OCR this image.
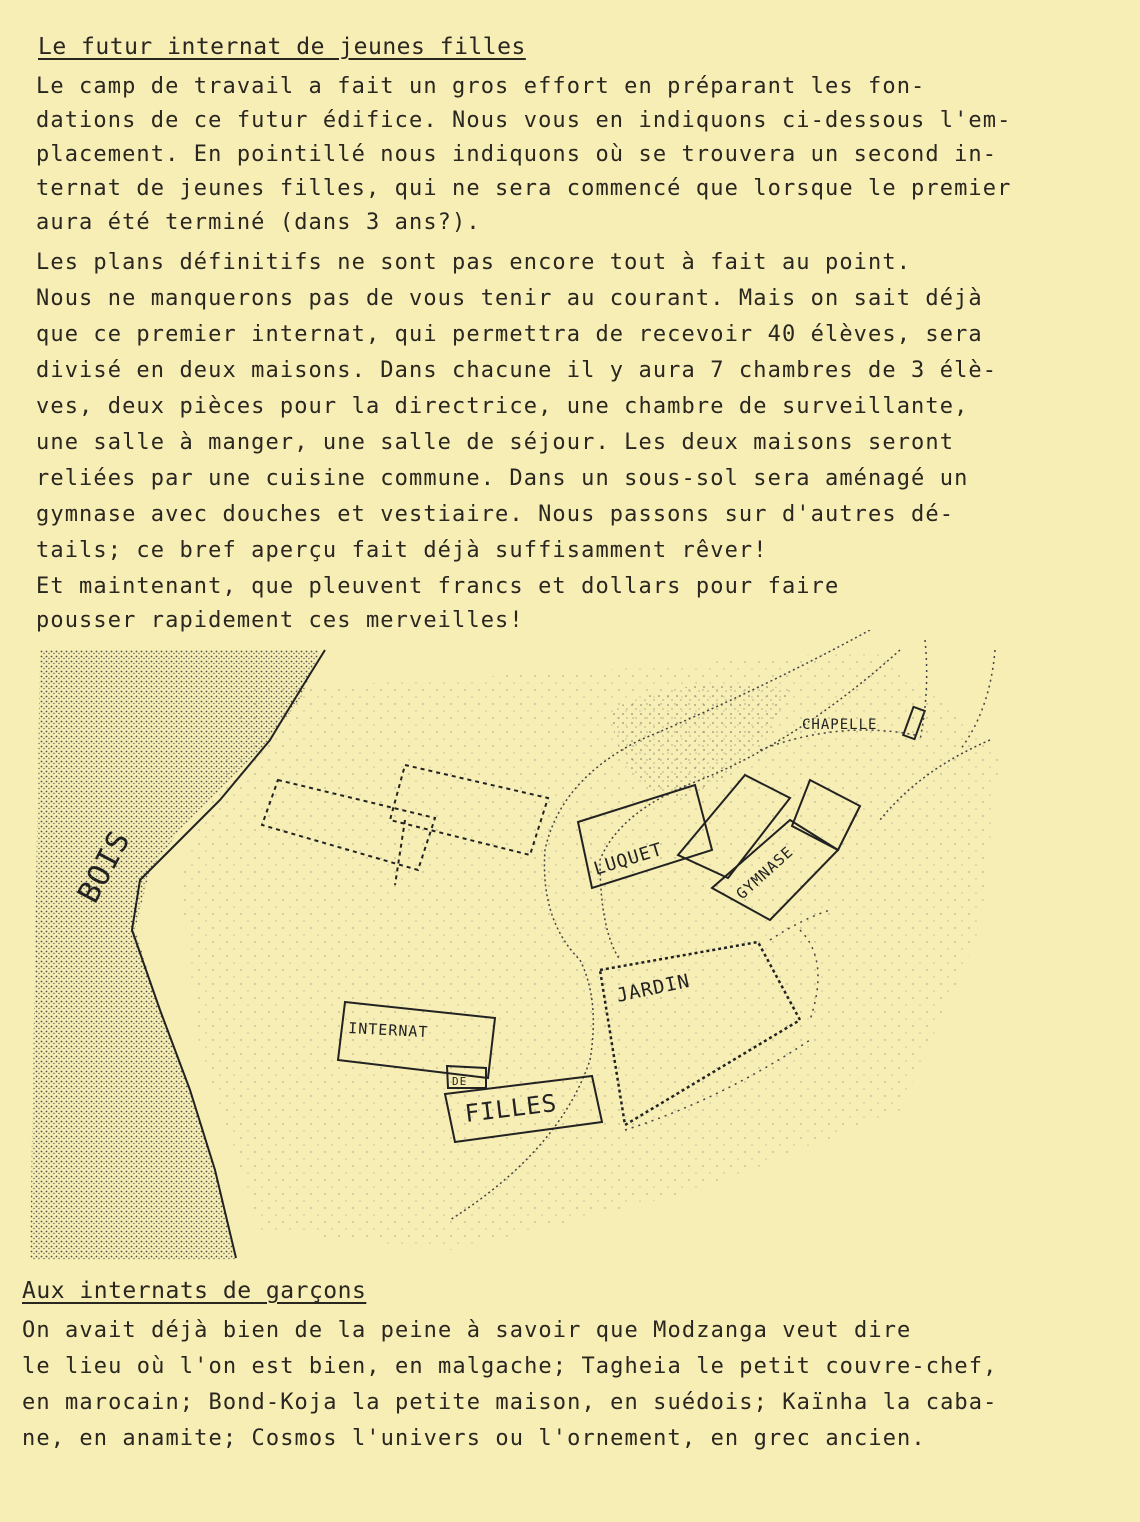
Le futur internat de jeunes filles
Le camp de travail a fait un gros effort en préparant les fon-
dations de ce futur édifice. Nous vous en indiquons ci-dessous l'em-
placement. En pointillé nous indiquons où se trouvera un second in-
ternat de jeunes filles, qui ne sera commencé que lorsque le premier
aura été terminé (dans 3 ans?).
Les plans définitifs ne sont pas encore tout à fait au point.
Nous ne manquerons pas de vous tenir au courant. Mais on sait déjà
que ce premier internat, qui permettra de recevoir 40 élèves, sera
divisé en deux maisons. Dans chacune il y aura 7 chambres de 3 élè-
ves, deux pièces pour la directrice, une chambre de surveillante,
une salle à manger, une salle de séjour. Les deux maisons seront
reliées par une cuisine commune. Dans un sous-sol sera aménagé un
gymnase avec douches et vestiaire. Nous passons sur d'autres dé-
tails; ce bref aperçu fait déjà suffisamment rêver!
Et maintenant, que pleuvent francs et dollars pour faire
pousser rapidement ces merveilles!
CHAPELLE
LUQUET	GYMNASE
JARDIN
INTERNAT
DE
FILLES
BOIS
Aux internats de garçons
On avait déjà bien de la peine à savoir que Modzanga veut dire
le lieu où l'on est bien, en malgache; Tagheia le petit couvre-chef,
en marocain; Bond-Koja la petite maison, en suédois; Kaïnha la caba-
ne, en anamite; Cosmos l'univers ou l'ornement, en grec ancien.
